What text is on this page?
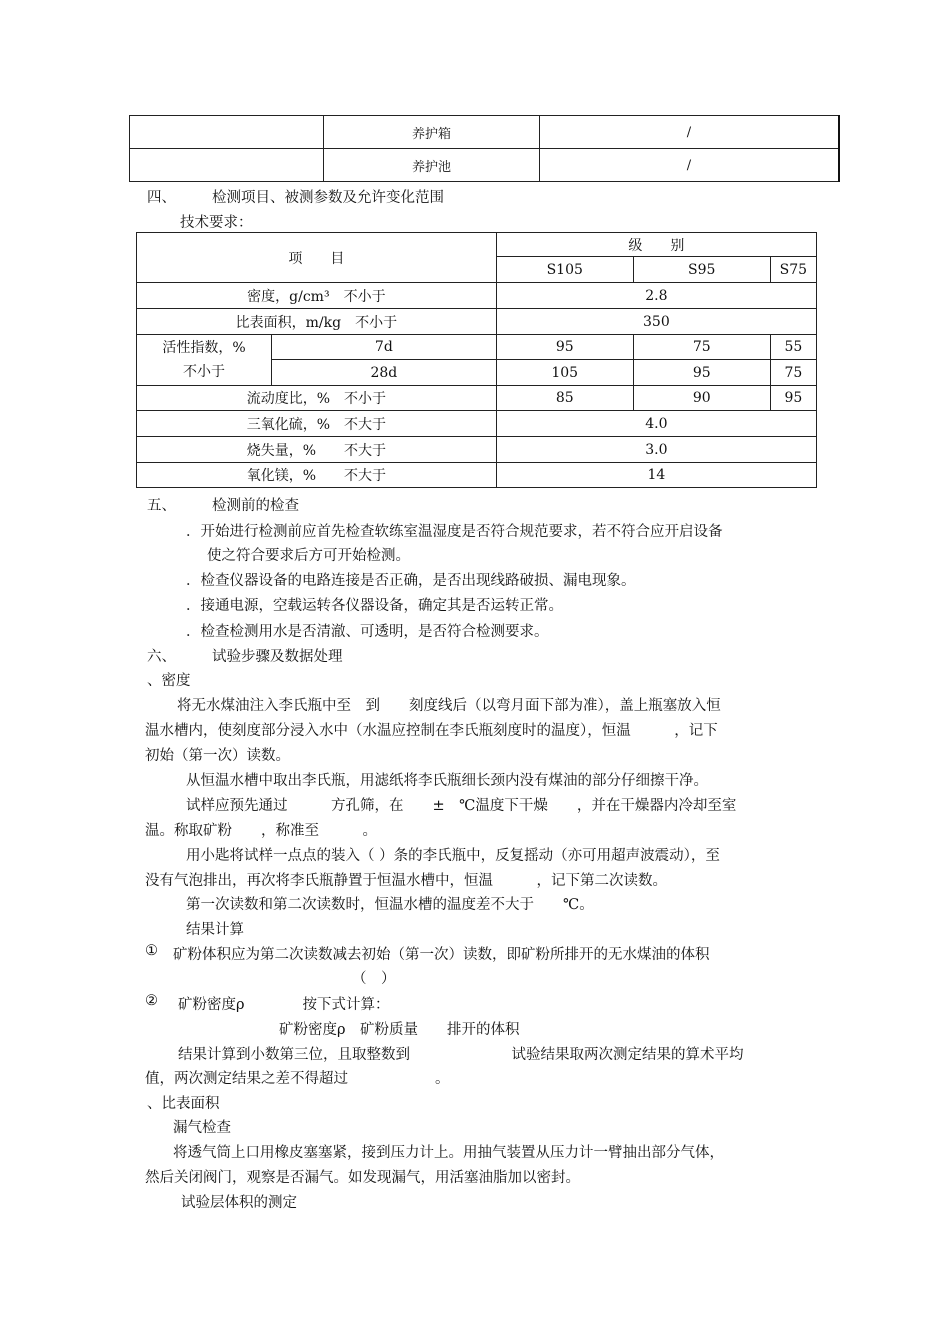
	养护箱	/
	养护池	/
四、 检测项目、被测参数及允许变化范围
技术要求：
项　　目		级　　别		
		S105	S95	S75
密度，g/cm³　不小于		2.8		
比表面积，m/kg　不小于		350		

活性指数，%
不小于	7d	95	75	55
	28d	105	95	75
流动度比，%　不小于		85	90	95
三氧化硫，%　不大于		4.0		
烧失量，%　　不大于		3.0		
氧化镁，%　　不大于		14		
五、 检测前的检查
．开始进行检测前应首先检查软练室温湿度是否符合规范要求，若不符合应开启设备
使之符合要求后方可开始检测。
．检查仪器设备的电路连接是否正确，是否出现线路破损、漏电现象。
．接通电源，空载运转各仪器设备，确定其是否运转正常。
．检查检测用水是否清澈、可透明，是否符合检测要求。
六、 试验步骤及数据处理
、密度
将无水煤油注入李氏瓶中至　到　　刻度线后（以弯月面下部为准），盖上瓶塞放入恒
温水槽内，使刻度部分浸入水中（水温应控制在李氏瓶刻度时的温度），恒温　　　，记下
初始（第一次）读数。
从恒温水槽中取出李氏瓶，用滤纸将李氏瓶细长颈内没有煤油的部分仔细擦干净。
试样应预先通过　　　方孔筛，在　　±　℃温度下干燥　　，并在干燥器内冷却至室
温。称取矿粉　　，称准至　　　。
用小匙将试样一点点的装入（ ）条的李氏瓶中，反复摇动（亦可用超声波震动），至
没有气泡排出，再次将李氏瓶静置于恒温水槽中，恒温　　　，记下第二次读数。
第一次读数和第二次读数时，恒温水槽的温度差不大于　　℃。
结果计算
① 矿粉体积应为第二次读数减去初始（第一次）读数，即矿粉所排开的无水煤油的体积
（　）
② 矿粉密度ρ　　　　按下式计算：
矿粉密度ρ　矿粉质量　　排开的体积
结果计算到小数第三位，且取整数到　　　　　　　试验结果取两次测定结果的算术平均
值，两次测定结果之差不得超过　　　　　　。
、比表面积
漏气检查
将透气筒上口用橡皮塞塞紧，接到压力计上。用抽气装置从压力计一臂抽出部分气体，
然后关闭阀门，观察是否漏气。如发现漏气，用活塞油脂加以密封。
试验层体积的测定
